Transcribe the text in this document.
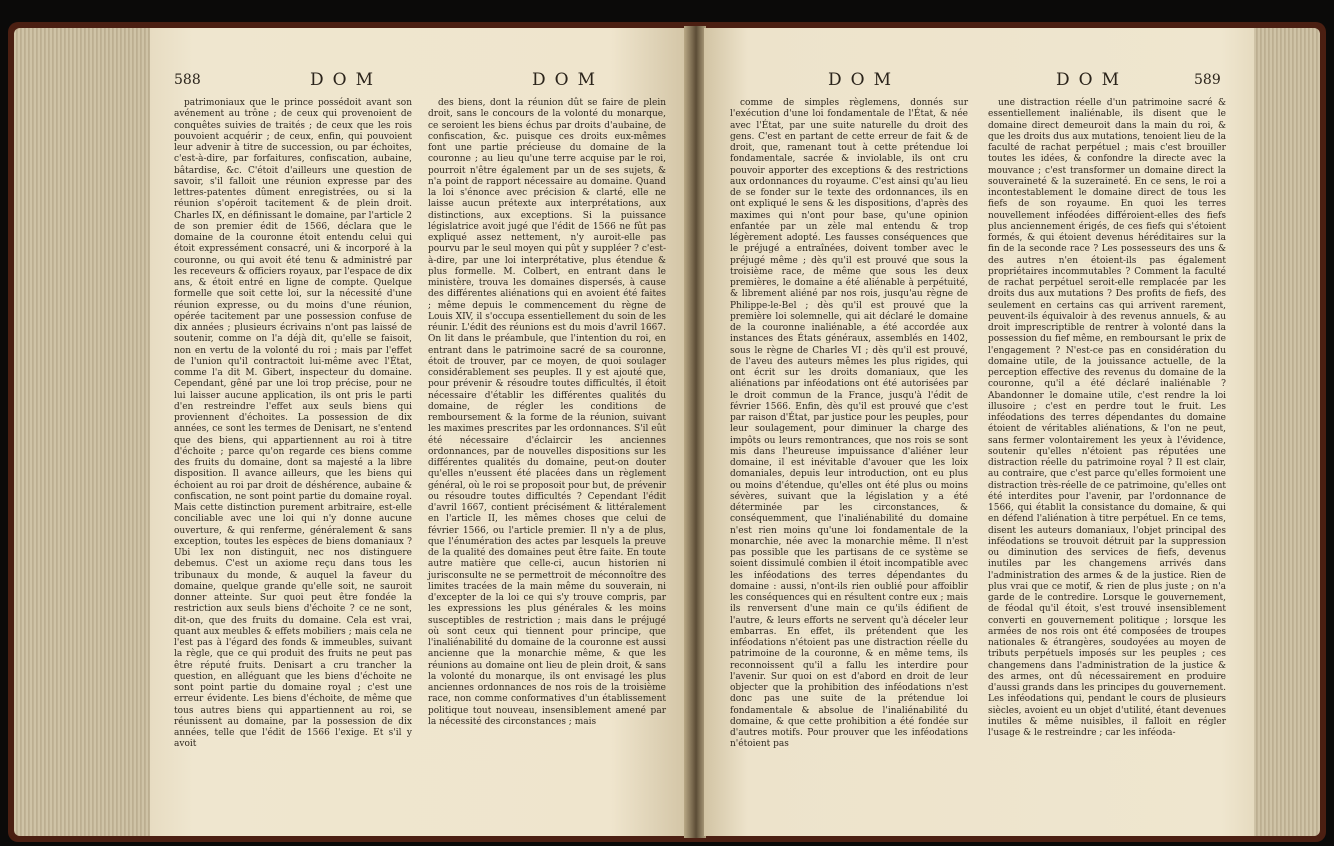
588	DOM	DOM

patrimoniaux que le prince possédoit avant son avénement au trône ; de ceux qui provenoient de conquêtes suivies de traités ; de ceux que les rois pouvoient acquérir ; de ceux, enfin, qui pouvoient leur advenir à titre de succession, ou par échoites, c'est-à-dire, par forfaitures, confiscation, aubaine, bâtardise, &c. C'étoit d'ailleurs une question de savoir, s'il falloit une réunion expresse par des lettres-patentes dûment enregistrées, ou si la réunion s'opéroit tacitement & de plein droit. Charles IX, en définissant le domaine, par l'article 2 de son premier édit de 1566, déclara que le domaine de la couronne étoit entendu celui qui étoit expressément consacré, uni & incorporé à la couronne, ou qui avoit été tenu & administré par les receveurs & officiers royaux, par l'espace de dix ans, & étoit entré en ligne de compte. Quelque formelle que soit cette loi, sur la nécessité d'une réunion expresse, ou du moins d'une réunion, opérée tacitement par une possession confuse de dix années ; plusieurs écrivains n'ont pas laissé de soutenir, comme on l'a déjà dit, qu'elle se faisoit, non en vertu de la volonté du roi ; mais par l'effet de l'union qu'il contractoit lui-même avec l'État, comme l'a dit M. Gibert, inspecteur du domaine. Cependant, gêné par une loi trop précise, pour ne lui laisser aucune application, ils ont pris le parti d'en restreindre l'effet aux seuls biens qui proviennent d'échoites. La possession de dix années, ce sont les termes de Denisart, ne s'entend que des biens, qui appartiennent au roi à titre d'échoite ; parce qu'on regarde ces biens comme des fruits du domaine, dont sa majesté a la libre disposition. Il avance ailleurs, que les biens qui échoient au roi par droit de déshérence, aubaine & confiscation, ne sont point partie du domaine royal. Mais cette distinction purement arbitraire, est-elle conciliable avec une loi qui n'y donne aucune ouverture, & qui renferme, généralement & sans exception, toutes les espèces de biens domaniaux ? Ubi lex non distinguit, nec nos distinguere debemus. C'est un axiome reçu dans tous les tribunaux du monde, & auquel la faveur du domaine, quelque grande qu'elle soit, ne sauroit donner atteinte. Sur quoi peut être fondée la restriction aux seuls biens d'échoite ? ce ne sont, dit-on, que des fruits du domaine. Cela est vrai, quant aux meubles & effets mobiliers ; mais cela ne l'est pas à l'égard des fonds & immeubles, suivant la règle, que ce qui produit des fruits ne peut pas être réputé fruits. Denisart a cru trancher la question, en alléguant que les biens d'échoite ne sont point partie du domaine royal ; c'est une erreur évidente. Les biens d'échoite, de même que tous autres biens qui appartiennent au roi, se réunissent au domaine, par la possession de dix années, telle que l'édit de 1566 l'exige. Et s'il y avoit

des biens, dont la réunion dût se faire de plein droit, sans le concours de la volonté du monarque, ce seroient les biens échus par droits d'aubaine, de confiscation, &c. puisque ces droits eux-mêmes font une partie précieuse du domaine de la couronne ; au lieu qu'une terre acquise par le roi, pourroit n'être également par un de ses sujets, & n'a point de rapport nécessaire au domaine. Quand la loi s'énonce avec précision & clarté, elle ne laisse aucun prétexte aux interprétations, aux distinctions, aux exceptions. Si la puissance législatrice avoit jugé que l'édit de 1566 ne fût pas expliqué assez nettement, n'y auroit-elle pas pourvu par le seul moyen qui pût y suppléer ? c'est-à-dire, par une loi interprétative, plus étendue & plus formelle. M. Colbert, en entrant dans le ministère, trouva les domaines dispersés, à cause des différentes aliénations qui en avoient été faites ; même depuis le commencement du règne de Louis XIV, il s'occupa essentiellement du soin de les réunir. L'édit des réunions est du mois d'avril 1667. On lit dans le préambule, que l'intention du roi, en entrant dans le patrimoine sacré de sa couronne, étoit de trouver, par ce moyen, de quoi soulager considérablement ses peuples. Il y est ajouté que, pour prévenir & résoudre toutes difficultés, il étoit nécessaire d'établir les différentes qualités du domaine, de régler les conditions de remboursement & la forme de la réunion, suivant les maximes prescrites par les ordonnances. S'il eût été nécessaire d'éclaircir les anciennes ordonnances, par de nouvelles dispositions sur les différentes qualités du domaine, peut-on douter qu'elles n'eussent été placées dans un règlement général, où le roi se proposoit pour but, de prévenir ou résoudre toutes difficultés ? Cependant l'édit d'avril 1667, contient précisément & littéralement en l'article II, les mêmes choses que celui de février 1566, ou l'article premier. Il n'y a de plus, que l'énumération des actes par lesquels la preuve de la qualité des domaines peut être faite. En toute autre matière que celle-ci, aucun historien ni jurisconsulte ne se permettroit de méconnoître des limites tracées de la main même du souverain, ni d'excepter de la loi ce qui s'y trouve compris, par les expressions les plus générales & les moins susceptibles de restriction ; mais dans le préjugé où sont ceux qui tiennent pour principe, que l'inaliénabilité du domaine de la couronne est aussi ancienne que la monarchie même, & que les réunions au domaine ont lieu de plein droit, & sans la volonté du monarque, ils ont envisagé les plus anciennes ordonnances de nos rois de la troisième race, non comme conformatives d'un établissement politique tout nouveau, insensiblement amené par la nécessité des circonstances ; mais

DOM	DOM	589

comme de simples règlemens, donnés sur l'exécution d'une loi fondamentale de l'État, & née avec l'État, par une suite naturelle du droit des gens. C'est en partant de cette erreur de fait & de droit, que, ramenant tout à cette prétendue loi fondamentale, sacrée & inviolable, ils ont cru pouvoir apporter des exceptions & des restrictions aux ordonnances du royaume. C'est ainsi qu'au lieu de se fonder sur le texte des ordonnances, ils en ont expliqué le sens & les dispositions, d'après des maximes qui n'ont pour base, qu'une opinion enfantée par un zèle mal entendu & trop légèrement adopté. Les fausses conséquences que le préjugé a entraînées, doivent tomber avec le préjugé même ; dès qu'il est prouvé que sous la troisième race, de même que sous les deux premières, le domaine a été aliénable à perpétuité, & librement aliéné par nos rois, jusqu'au règne de Philippe-le-Bel ; dès qu'il est prouvé que la première loi solemnelle, qui ait déclaré le domaine de la couronne inaliénable, a été accordée aux instances des États généraux, assemblés en 1402, sous le règne de Charles VI ; dès qu'il est prouvé, de l'aveu des auteurs mêmes les plus rigides, qui ont écrit sur les droits domaniaux, que les aliénations par inféodations ont été autorisées par le droit commun de la France, jusqu'à l'édit de février 1566. Enfin, dès qu'il est prouvé que c'est par raison d'État, par justice pour les peuples, pour leur soulagement, pour diminuer la charge des impôts ou leurs remontrances, que nos rois se sont mis dans l'heureuse impuissance d'aliéner leur domaine, il est inévitable d'avouer que les loix domaniales, depuis leur introduction, ont eu plus ou moins d'étendue, qu'elles ont été plus ou moins sévères, suivant que la législation y a été déterminée par les circonstances, & conséquemment, que l'inaliénabilité du domaine n'est rien moins qu'une loi fondamentale de la monarchie, née avec la monarchie même. Il n'est pas possible que les partisans de ce système se soient dissimulé combien il étoit incompatible avec les inféodations des terres dépendantes du domaine : aussi, n'ont-ils rien oublié pour affoiblir les conséquences qui en résultent contre eux ; mais ils renversent d'une main ce qu'ils édifient de l'autre, & leurs efforts ne servent qu'à déceler leur embarras. En effet, ils prétendent que les inféodations n'étoient pas une distraction réelle du patrimoine de la couronne, & en même tems, ils reconnoissent qu'il a fallu les interdire pour l'avenir. Sur quoi on est d'abord en droit de leur objecter que la prohibition des inféodations n'est donc pas une suite de la prétendue loi fondamentale & absolue de l'inaliénabilité du domaine, & que cette prohibition a été fondée sur d'autres motifs. Pour prouver que les inféodations n'étoient pas

une distraction réelle d'un patrimoine sacré & essentiellement inaliénable, ils disent que le domaine direct demeuroit dans la main du roi, & que les droits dus aux mutations, tenoient lieu de la faculté de rachat perpétuel ; mais c'est brouiller toutes les idées, & confondre la directe avec la mouvance ; c'est transformer un domaine direct la souveraineté & la suzeraineté. En ce sens, le roi a incontestablement le domaine direct de tous les fiefs de son royaume. En quoi les terres nouvellement inféodées différoient-elles des fiefs plus anciennement érigés, de ces fiefs qui s'étoient formés, & qui étoient devenus héréditaires sur la fin de la seconde race ? Les possesseurs des uns & des autres n'en étoient-ils pas également propriétaires incommutables ? Comment la faculté de rachat perpétuel seroit-elle remplacée par les droits dus aux mutations ? Des profits de fiefs, des seulement en certains cas qui arrivent rarement, peuvent-ils équivaloir à des revenus annuels, & au droit imprescriptible de rentrer à volonté dans la possession du fief même, en remboursant le prix de l'engagement ? N'est-ce pas en considération du domaine utile, de la jouissance actuelle, de la perception effective des revenus du domaine de la couronne, qu'il a été déclaré inaliénable ? Abandonner le domaine utile, c'est rendre la loi illusoire ; c'est en perdre tout le fruit. Les inféodations des terres dépendantes du domaine étoient de véritables aliénations, & l'on ne peut, sans fermer volontairement les yeux à l'évidence, soutenir qu'elles n'étoient pas réputées une distraction réelle du patrimoine royal ? Il est clair, au contraire, que c'est parce qu'elles formoient une distraction très-réelle de ce patrimoine, qu'elles ont été interdites pour l'avenir, par l'ordonnance de 1566, qui établit la consistance du domaine, & qui en défend l'aliénation à titre perpétuel. En ce tems, disent les auteurs domaniaux, l'objet principal des inféodations se trouvoit détruit par la suppression ou diminution des services de fiefs, devenus inutiles par les changemens arrivés dans l'administration des armes & de la justice. Rien de plus vrai que ce motif, & rien de plus juste ; on n'a garde de le contredire. Lorsque le gouvernement, de féodal qu'il étoit, s'est trouvé insensiblement converti en gouvernement politique ; lorsque les armées de nos rois ont été composées de troupes nationales & étrangères, soudoyées au moyen de tributs perpétuels imposés sur les peuples ; ces changemens dans l'administration de la justice & des armes, ont dû nécessairement en produire d'aussi grands dans les principes du gouvernement. Les inféodations qui, pendant le cours de plusieurs siècles, avoient eu un objet d'utilité, étant devenues inutiles & même nuisibles, il falloit en régler l'usage & le restreindre ; car les inféoda-
